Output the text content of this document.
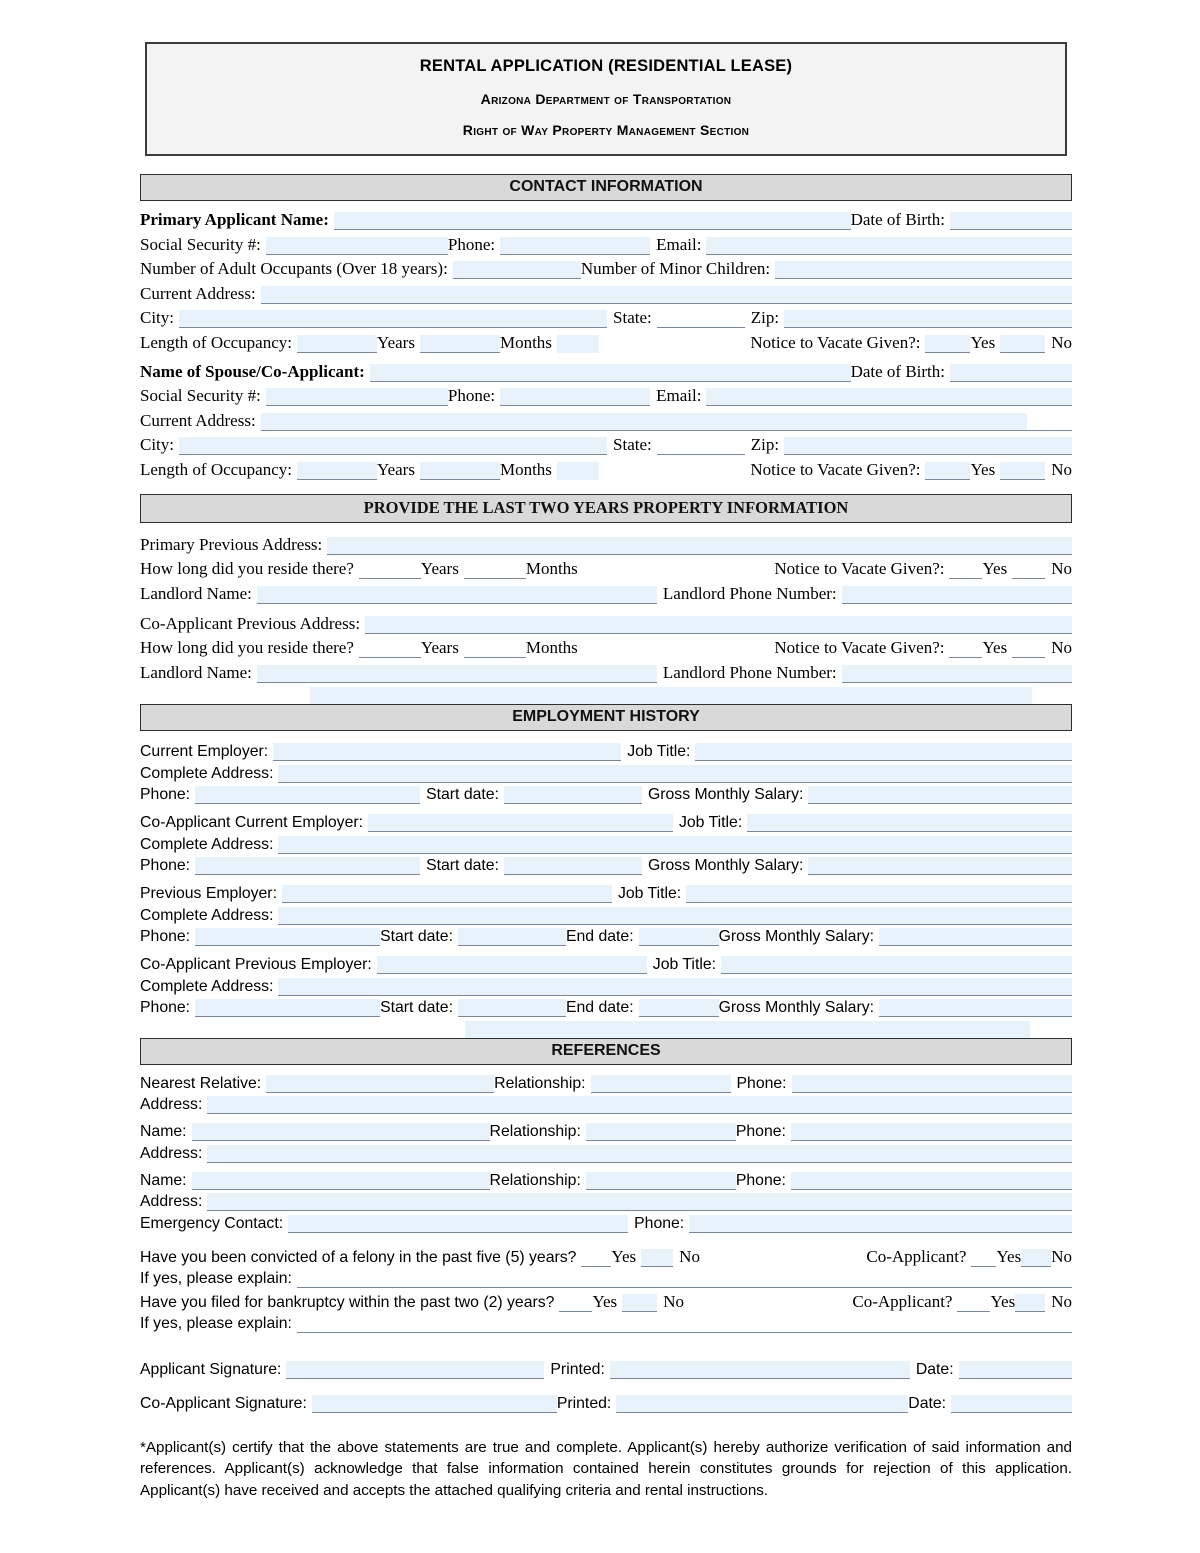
RENTAL APPLICATION (RESIDENTIAL LEASE)
Arizona Department of Transportation
Right of Way Property Management Section
CONTACT INFORMATION
Primary Applicant Name:	Date of Birth:
Social Security #:	Phone:	Email:
Number of Adult Occupants (Over 18 years):	Number of Minor Children:
Current Address:
City:	State:	Zip:
Length of Occupancy:	Years	Months	Notice to Vacate Given?:	Yes	No
Name of Spouse/Co-Applicant:	Date of Birth:
Social Security #:	Phone:	Email:
Current Address:
City:	State:	Zip:
Length of Occupancy:	Years	Months	Notice to Vacate Given?:	Yes	No
PROVIDE THE LAST TWO YEARS PROPERTY INFORMATION
Primary Previous Address:
How long did you reside there?	Years	Months	Notice to Vacate Given?: Yes	No
Landlord Name:	Landlord Phone Number:
Co-Applicant Previous Address:
How long did you reside there?	Years	Months	Notice to Vacate Given?: Yes	No
Landlord Name:	Landlord Phone Number:
EMPLOYMENT HISTORY
Current Employer:	Job Title:
Complete Address:
Phone:	Start date:	Gross Monthly Salary:
Co-Applicant Current Employer:	Job Title:
Complete Address:
Phone:	Start date:	Gross Monthly Salary:
Previous Employer:	Job Title:
Complete Address:
Phone:	Start date:	End date:	Gross Monthly Salary:
Co-Applicant Previous Employer:	Job Title:
Complete Address:
Phone:	Start date:	End date:	Gross Monthly Salary:
REFERENCES
Nearest Relative:	Relationship:	Phone:
Address:
Name:	Relationship:	Phone:
Address:
Name:	Relationship:	Phone:
Address:
Emergency Contact:	Phone:
Have you been convicted of a felony in the past five (5) years? Yes	No	Co-Applicant? Yes No
If yes, please explain:
Have you filed for bankruptcy within the past two (2) years? Yes	No	Co-Applicant? Yes No
If yes, please explain:
Applicant Signature:	Printed:	Date:
Co-Applicant Signature:	Printed:	Date:
*Applicant(s) certify that the above statements are true and complete. Applicant(s) hereby authorize verification of said information and references. Applicant(s) acknowledge that false information contained herein constitutes grounds for rejection of this application. Applicant(s) have received and accepts the attached qualifying criteria and rental instructions.
